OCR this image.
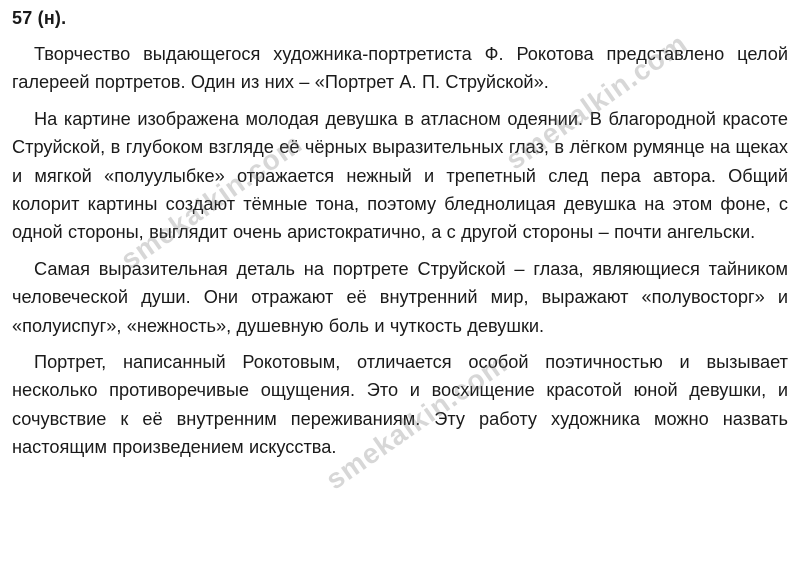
57 (н).

Творчество выдающегося художника-портретиста Ф. Рокотова представлено целой галереей портретов. Один из них – «Портрет А. П. Струйской».

На картине изображена молодая девушка в атласном одеянии. В благородной красоте Струйской, в глубоком взгляде её чёрных выразительных глаз, в лёгком румянце на щеках и мягкой «полуулыбке» отражается нежный и трепетный след пера автора. Общий колорит картины создают тёмные тона, поэтому бледнолицая девушка на этом фоне, с одной стороны, выглядит очень аристократично, а с другой стороны – почти ангельски.

Самая выразительная деталь на портрете Струйской – глаза, являющиеся тайником человеческой души. Они отражают её внутренний мир, выражают «полувосторг» и «полуиспуг», «нежность», душевную боль и чуткость девушки.

Портрет, написанный Рокотовым, отличается особой поэтичностью и вызывает несколько противоречивые ощущения. Это и восхищение красотой юной девушки, и сочувствие к её внутренним переживаниям. Эту работу художника можно назвать настоящим произведением искусства.

smekalkin.com
smekalkin.com
smekalkin.com
